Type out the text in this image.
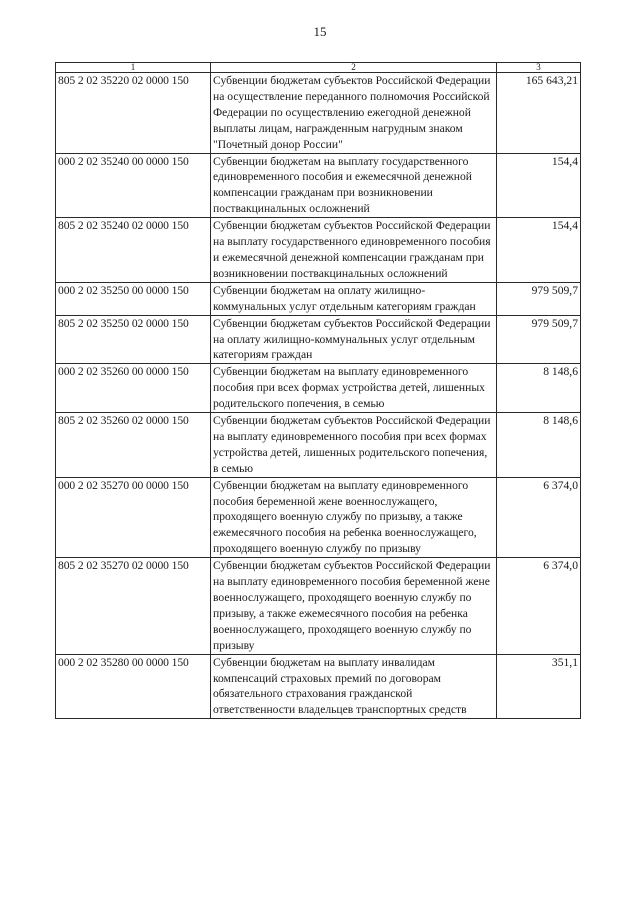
15
1	2	3
805 2 02 35220 02 0000 150	Субвенции бюджетам субъектов Российской Федерации на осуществление переданного полномочия Российской Федерации по осуществлению ежегодной денежной выплаты лицам, награжденным нагрудным знаком "Почетный донор России"	165 643,21
000 2 02 35240 00 0000 150	Субвенции бюджетам на выплату государственного единовременного пособия и ежемесячной денежной компенсации гражданам при возникновении поствакцинальных осложнений	154,4
805 2 02 35240 02 0000 150	Субвенции бюджетам субъектов Российской Федерации на выплату государственного единовременного пособия и ежемесячной денежной компенсации гражданам при возникновении поствакцинальных осложнений	154,4
000 2 02 35250 00 0000 150	Субвенции бюджетам на оплату жилищно-коммунальных услуг отдельным категориям граждан	979 509,7
805 2 02 35250 02 0000 150	Субвенции бюджетам субъектов Российской Федерации на оплату жилищно-коммунальных услуг отдельным категориям граждан	979 509,7
000 2 02 35260 00 0000 150	Субвенции бюджетам на выплату единовременного пособия при всех формах устройства детей, лишенных родительского попечения, в семью	8 148,6
805 2 02 35260 02 0000 150	Субвенции бюджетам субъектов Российской Федерации на выплату единовременного пособия при всех формах устройства детей, лишенных родительского попечения, в семью	8 148,6
000 2 02 35270 00 0000 150	Субвенции бюджетам на выплату единовременного пособия беременной жене военнослужащего, проходящего военную службу по призыву, а также ежемесячного пособия на ребенка военнослужащего, проходящего военную службу по призыву	6 374,0
805 2 02 35270 02 0000 150	Субвенции бюджетам субъектов Российской Федерации на выплату единовременного пособия беременной жене военнослужащего, проходящего военную службу по призыву, а также ежемесячного пособия на ребенка военнослужащего, проходящего военную службу по призыву	6 374,0
000 2 02 35280 00 0000 150	Субвенции бюджетам на выплату инвалидам компенсаций страховых премий по договорам обязательного страхования гражданской ответственности владельцев транспортных средств	351,1
